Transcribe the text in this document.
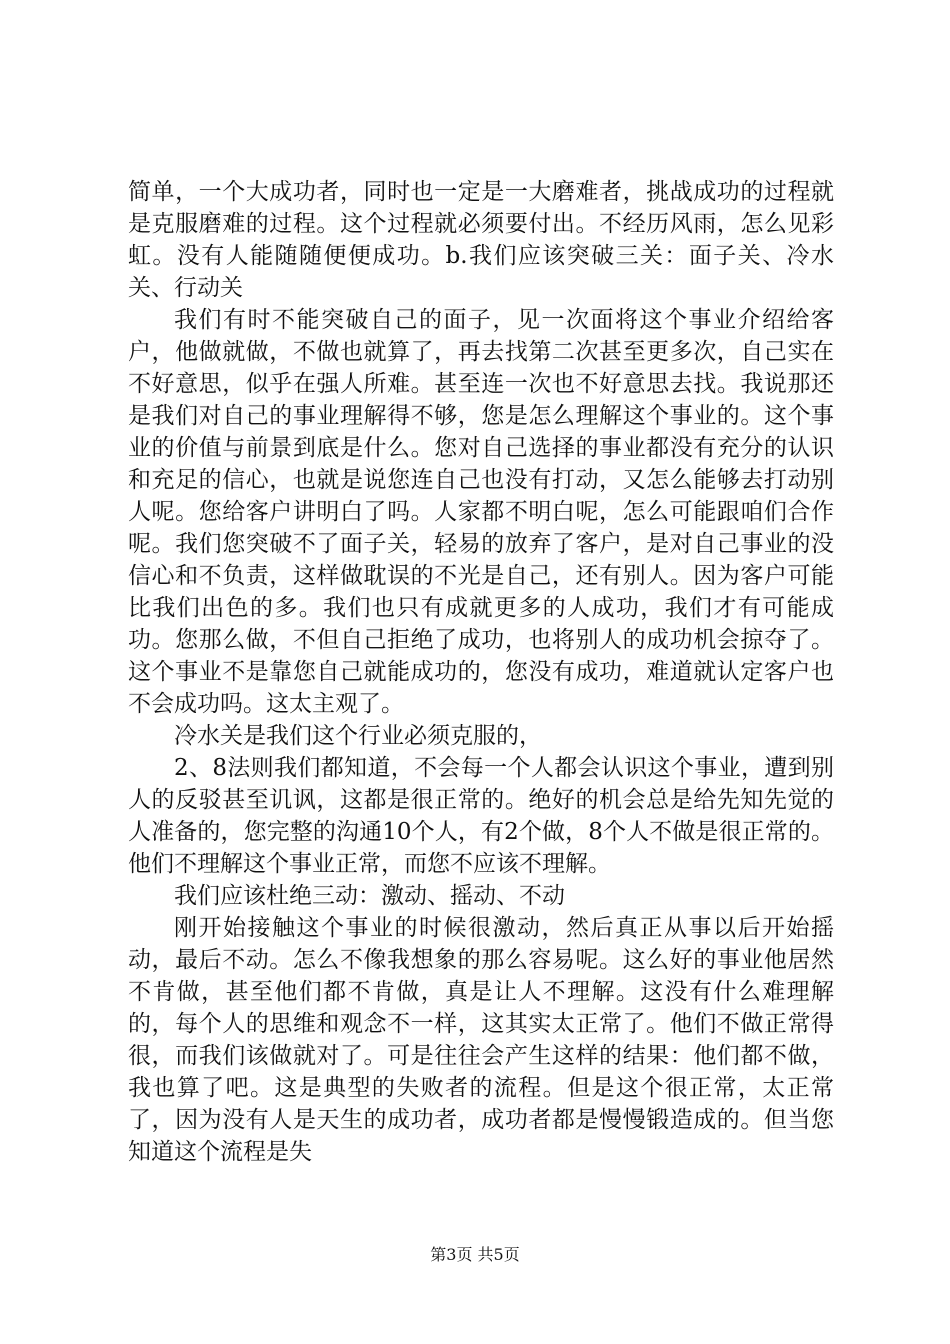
简单，一个大成功者，同时也一定是一大磨难者，挑战成功的过程就是克服磨难的过程。这个过程就必须要付出。不经历风雨，怎么见彩虹。没有人能随随便便成功。b.我们应该突破三关：面子关、冷水关、行动关

我们有时不能突破自己的面子，见一次面将这个事业介绍给客户，他做就做，不做也就算了，再去找第二次甚至更多次，自己实在不好意思，似乎在强人所难。甚至连一次也不好意思去找。我说那还是我们对自己的事业理解得不够，您是怎么理解这个事业的。这个事业的价值与前景到底是什么。您对自己选择的事业都没有充分的认识和充足的信心，也就是说您连自己也没有打动，又怎么能够去打动别人呢。您给客户讲明白了吗。人家都不明白呢，怎么可能跟咱们合作呢。我们您突破不了面子关，轻易的放弃了客户，是对自己事业的没信心和不负责，这样做耽误的不光是自己，还有别人。因为客户可能比我们出色的多。我们也只有成就更多的人成功，我们才有可能成功。您那么做，不但自己拒绝了成功，也将别人的成功机会掠夺了。这个事业不是靠您自己就能成功的，您没有成功，难道就认定客户也不会成功吗。这太主观了。

冷水关是我们这个行业必须克服的，

2、8法则我们都知道，不会每一个人都会认识这个事业，遭到别人的反驳甚至讥讽，这都是很正常的。绝好的机会总是给先知先觉的人准备的，您完整的沟通10个人，有2个做，8个人不做是很正常的。他们不理解这个事业正常，而您不应该不理解。

我们应该杜绝三动：激动、摇动、不动

刚开始接触这个事业的时候很激动，然后真正从事以后开始摇动，最后不动。怎么不像我想象的那么容易呢。这么好的事业他居然不肯做，甚至他们都不肯做，真是让人不理解。这没有什么难理解的，每个人的思维和观念不一样，这其实太正常了。他们不做正常得很，而我们该做就对了。可是往往会产生这样的结果：他们都不做，我也算了吧。这是典型的失败者的流程。但是这个很正常，太正常了，因为没有人是天生的成功者，成功者都是慢慢锻造成的。但当您知道这个流程是失

第3页 共5页
